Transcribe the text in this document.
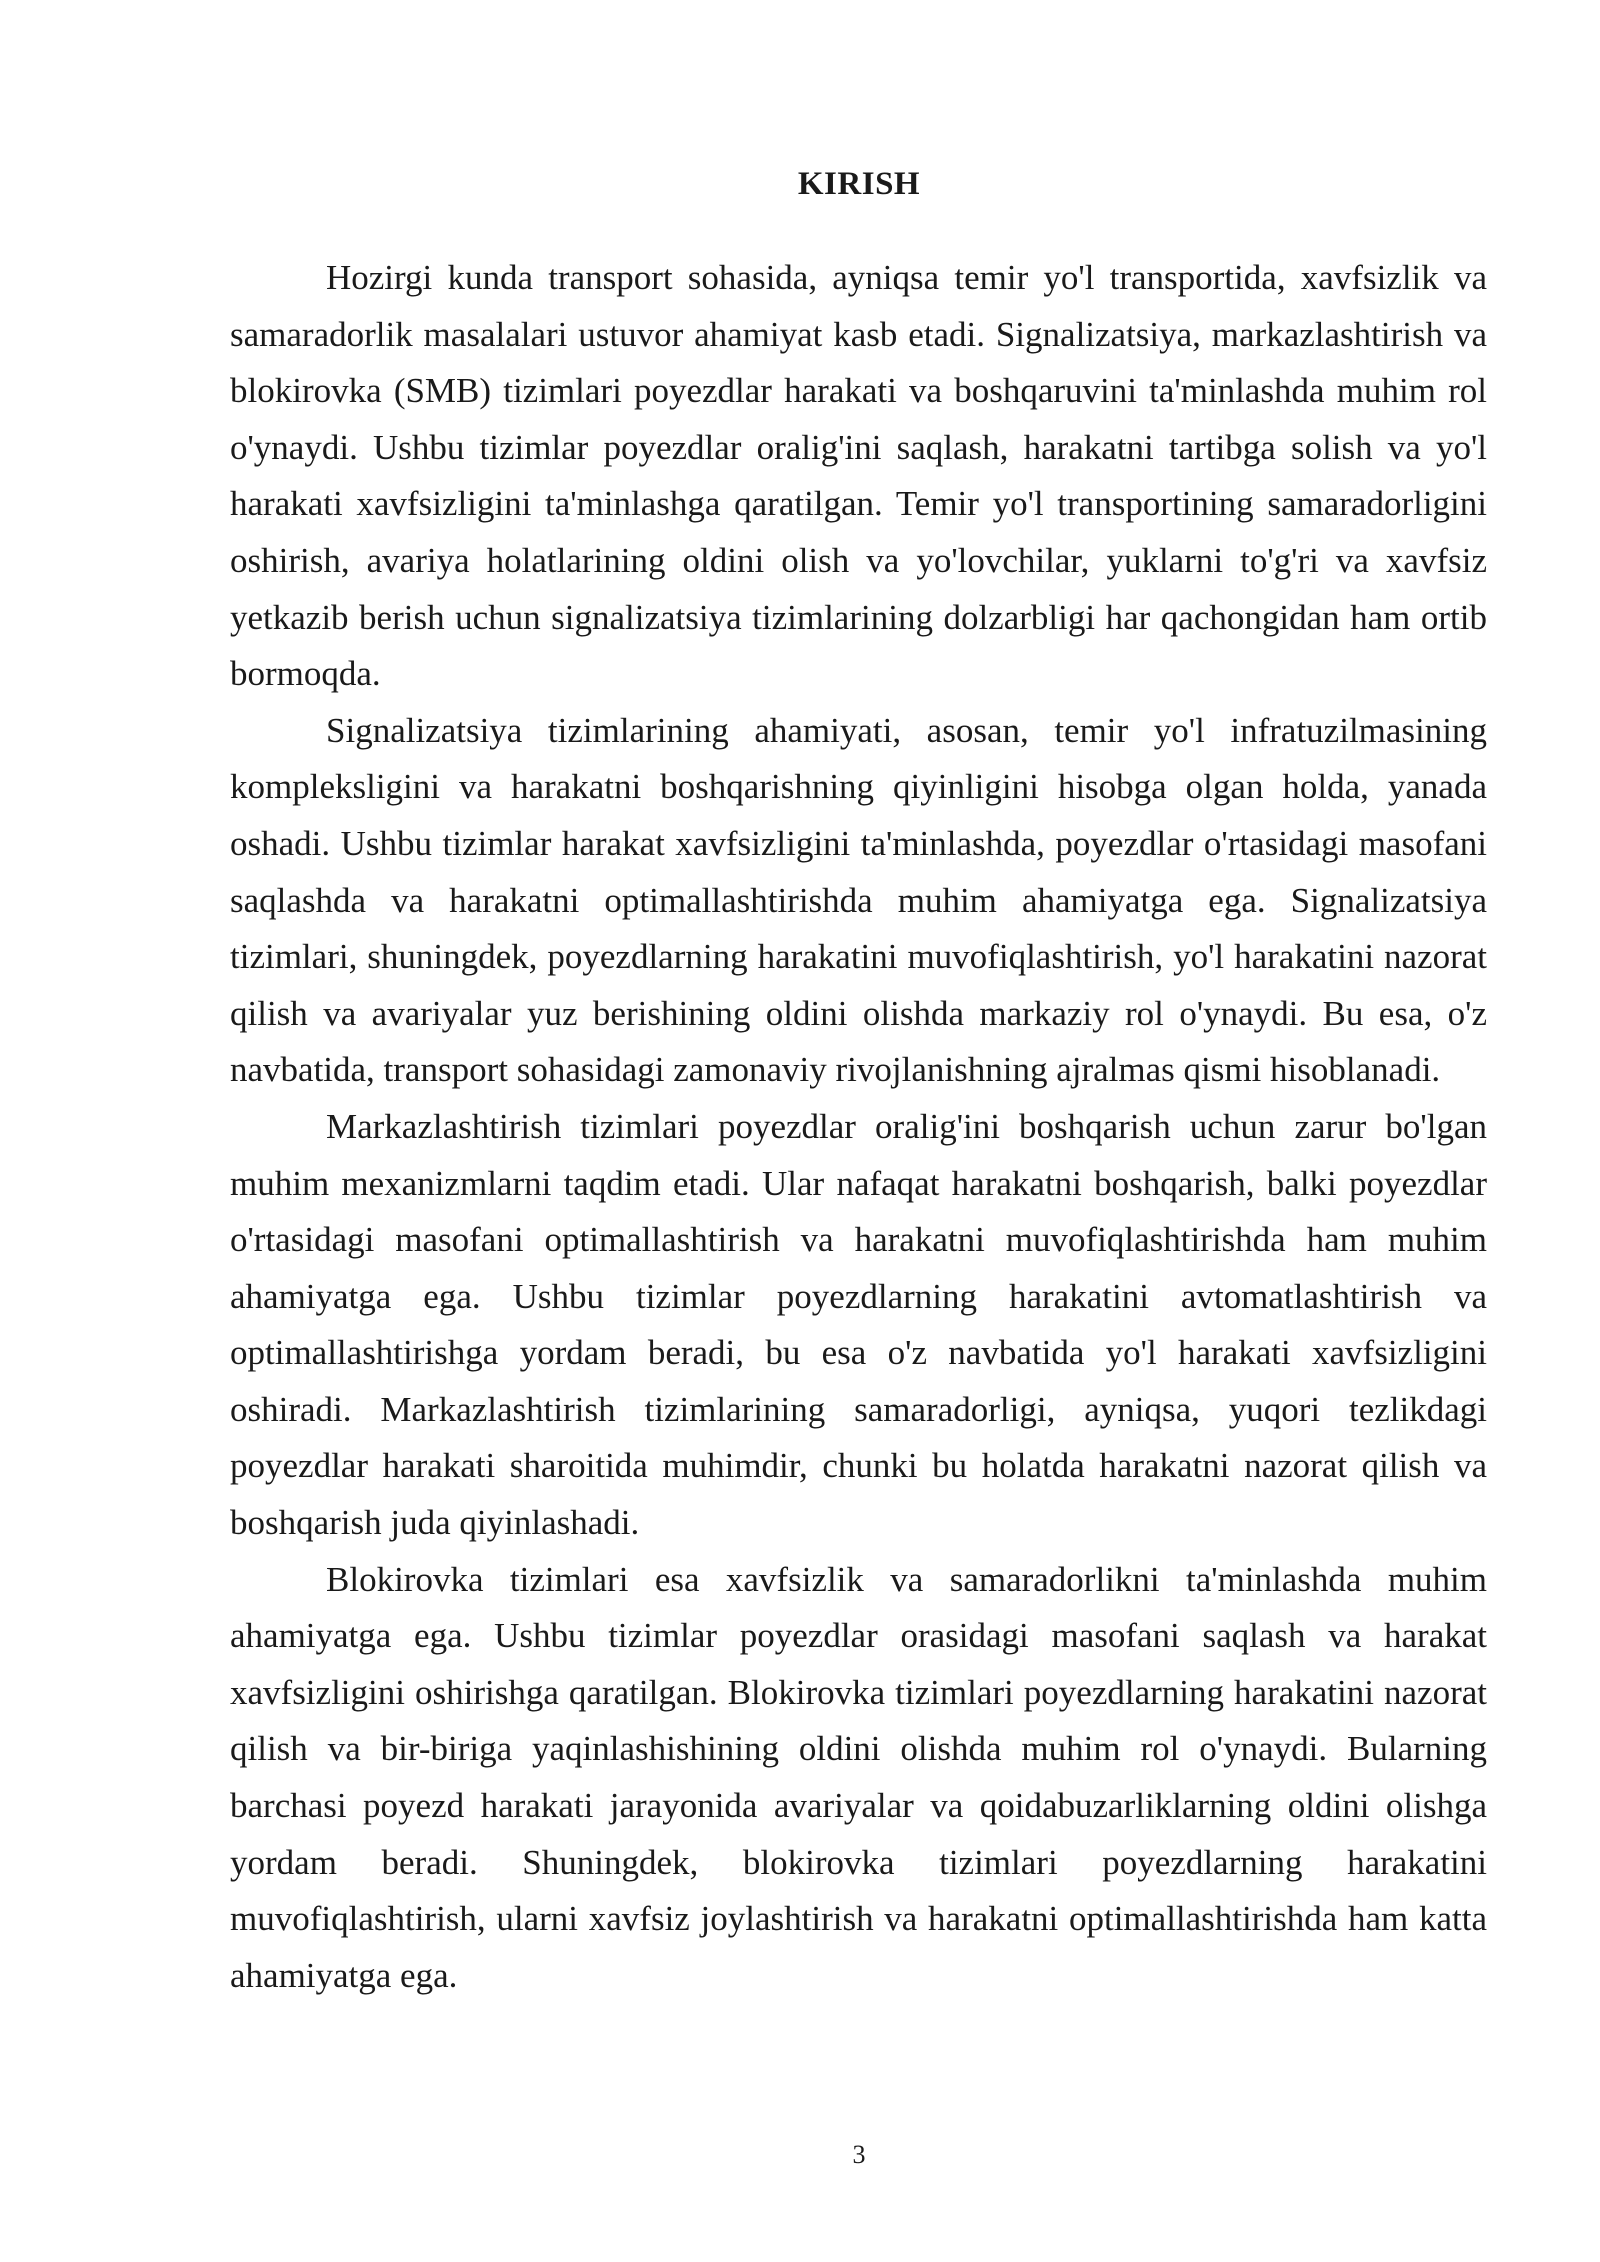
KIRISH

Hozirgi kunda transport sohasida, ayniqsa temir yo'l transportida, xavfsizlik va samaradorlik masalalari ustuvor ahamiyat kasb etadi. Signalizatsiya, markazlashtirish va blokirovka (SMB) tizimlari poyezdlar harakati va boshqaruvini ta'minlashda muhim rol o'ynaydi. Ushbu tizimlar poyezdlar oralig'ini saqlash, harakatni tartibga solish va yo'l harakati xavfsizligini ta'minlashga qaratilgan. Temir yo'l transportining samaradorligini oshirish, avariya holatlarining oldini olish va yo'lovchilar, yuklarni to'g'ri va xavfsiz yetkazib berish uchun signalizatsiya tizimlarining dolzarbligi har qachongidan ham ortib bormoqda.

Signalizatsiya tizimlarining ahamiyati, asosan, temir yo'l infratuzilmasining kompleksligini va harakatni boshqarishning qiyinligini hisobga olgan holda, yanada oshadi. Ushbu tizimlar harakat xavfsizligini ta'minlashda, poyezdlar o'rtasidagi masofani saqlashda va harakatni optimallashtirishda muhim ahamiyatga ega. Signalizatsiya tizimlari, shuningdek, poyezdlarning harakatini muvofiqlashtirish, yo'l harakatini nazorat qilish va avariyalar yuz berishining oldini olishda markaziy rol o'ynaydi. Bu esa, o'z navbatida, transport sohasidagi zamonaviy rivojlanishning ajralmas qismi hisoblanadi.

Markazlashtirish tizimlari poyezdlar oralig'ini boshqarish uchun zarur bo'lgan muhim mexanizmlarni taqdim etadi. Ular nafaqat harakatni boshqarish, balki poyezdlar o'rtasidagi masofani optimallashtirish va harakatni muvofiqlashtirishda ham muhim ahamiyatga ega. Ushbu tizimlar poyezdlarning harakatini avtomatlashtirish va optimallashtirishga yordam beradi, bu esa o'z navbatida yo'l harakati xavfsizligini oshiradi. Markazlashtirish tizimlarining samaradorligi, ayniqsa, yuqori tezlikdagi poyezdlar harakati sharoitida muhimdir, chunki bu holatda harakatni nazorat qilish va boshqarish juda qiyinlashadi.

Blokirovka tizimlari esa xavfsizlik va samaradorlikni ta'minlashda muhim ahamiyatga ega. Ushbu tizimlar poyezdlar orasidagi masofani saqlash va harakat xavfsizligini oshirishga qaratilgan. Blokirovka tizimlari poyezdlarning harakatini nazorat qilish va bir-biriga yaqinlashishining oldini olishda muhim rol o'ynaydi. Bularning barchasi poyezd harakati jarayonida avariyalar va qoidabuzarliklarning oldini olishga yordam beradi. Shuningdek, blokirovka tizimlari poyezdlarning harakatini muvofiqlashtirish, ularni xavfsiz joylashtirish va harakatni optimallashtirishda ham katta ahamiyatga ega.

3
